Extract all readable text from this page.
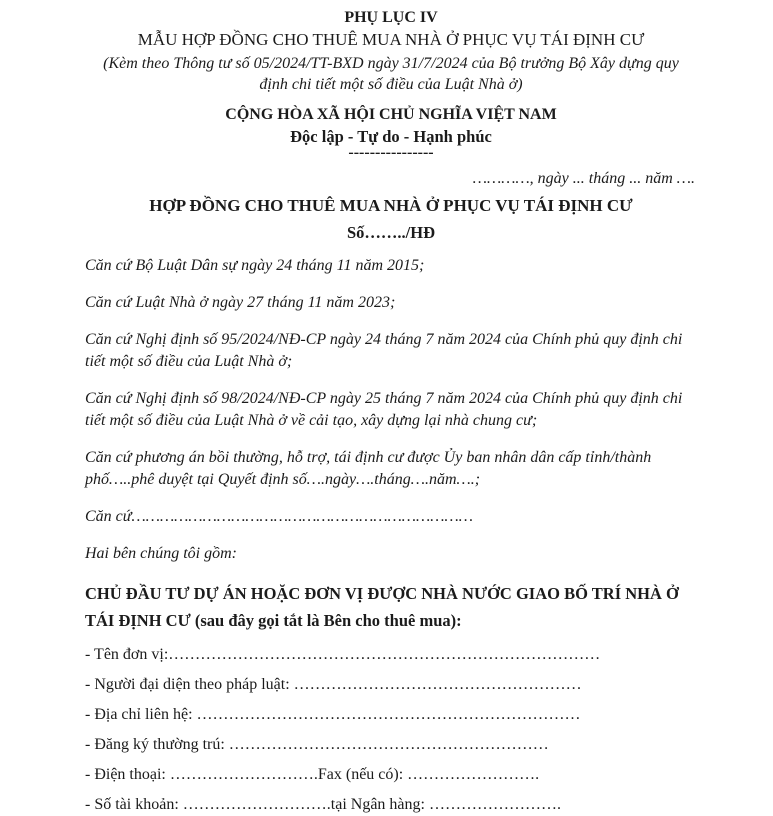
PHỤ LỤC IV
MẪU HỢP ĐỒNG CHO THUÊ MUA NHÀ Ở PHỤC VỤ TÁI ĐỊNH CƯ
(Kèm theo Thông tư số 05/2024/TT-BXD ngày 31/7/2024 của Bộ trưởng Bộ Xây dựng quy định chi tiết một số điều của Luật Nhà ở)
CỘNG HÒA XÃ HỘI CHỦ NGHĨA VIỆT NAM
Độc lập - Tự do - Hạnh phúc
----------------
…………, ngày ... tháng ... năm ….
HỢP ĐỒNG CHO THUÊ MUA NHÀ Ở PHỤC VỤ TÁI ĐỊNH CƯ
Số……../HĐ

Căn cứ Bộ Luật Dân sự ngày 24 tháng 11 năm 2015;

Căn cứ Luật Nhà ở ngày 27 tháng 11 năm 2023;

Căn cứ Nghị định số 95/2024/NĐ-CP ngày 24 tháng 7 năm 2024 của Chính phủ quy định chi tiết một số điều của Luật Nhà ở;

Căn cứ Nghị định số 98/2024/NĐ-CP ngày 25 tháng 7 năm 2024 của Chính phủ quy định chi tiết một số điều của Luật Nhà ở về cải tạo, xây dựng lại nhà chung cư;

Căn cứ phương án bồi thường, hỗ trợ, tái định cư được Ủy ban nhân dân cấp tỉnh/thành phố…..phê duyệt tại Quyết định số….ngày….tháng….năm….;

Căn cứ………………………………………………………………

Hai bên chúng tôi gồm:

CHỦ ĐẦU TƯ DỰ ÁN HOẶC ĐƠN VỊ ĐƯỢC NHÀ NƯỚC GIAO BỐ TRÍ NHÀ Ở TÁI ĐỊNH CƯ (sau đây gọi tắt là Bên cho thuê mua):

- Tên đơn vị:………………………………………………………………………

- Người đại diện theo pháp luật: ………………………………………………

- Địa chỉ liên hệ: ………………………………………………………………

- Đăng ký thường trú: ……………………………………………………

- Điện thoại: ……………………….Fax (nếu có): …………………….

- Số tài khoản: ……………………….tại Ngân hàng: …………………….
